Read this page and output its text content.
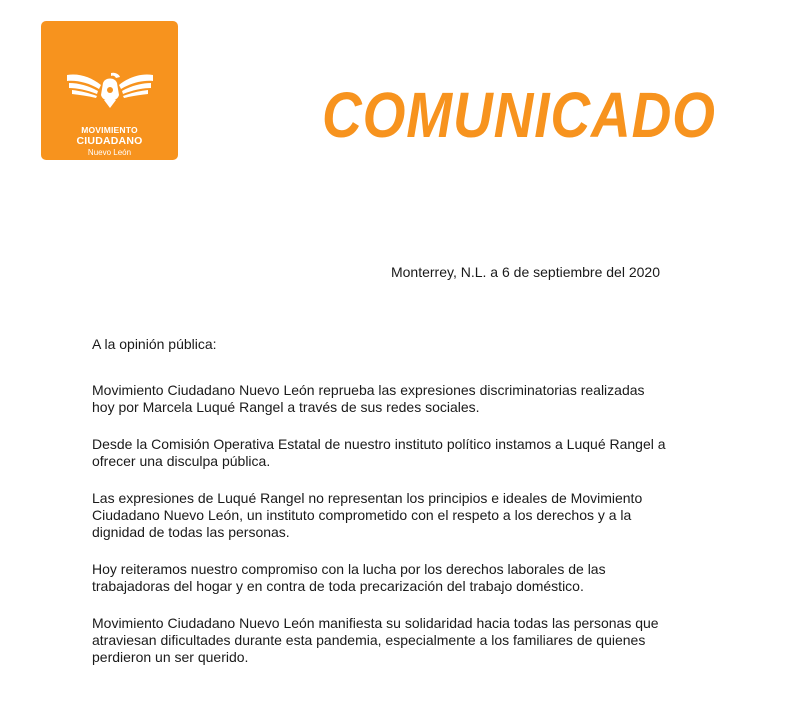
MOVIMIENTO
CIUDADANO
Nuevo León
COMUNICADO
Monterrey, N.L. a 6 de septiembre del 2020
A la opinión pública:

Movimiento Ciudadano Nuevo León reprueba las expresiones discriminatorias realizadas hoy por Marcela Luqué Rangel a través de sus redes sociales.

Desde la Comisión Operativa Estatal de nuestro instituto político instamos a Luqué Rangel a ofrecer una disculpa pública.

Las expresiones de Luqué Rangel no representan los principios e ideales de Movimiento Ciudadano Nuevo León, un instituto comprometido con el respeto a los derechos y a la dignidad de todas las personas.

Hoy reiteramos nuestro compromiso con la lucha por los derechos laborales de las trabajadoras del hogar y en contra de toda precarización del trabajo doméstico.

Movimiento Ciudadano Nuevo León manifiesta su solidaridad hacia todas las personas que atraviesan dificultades durante esta pandemia, especialmente a los familiares de quienes perdieron un ser querido.
